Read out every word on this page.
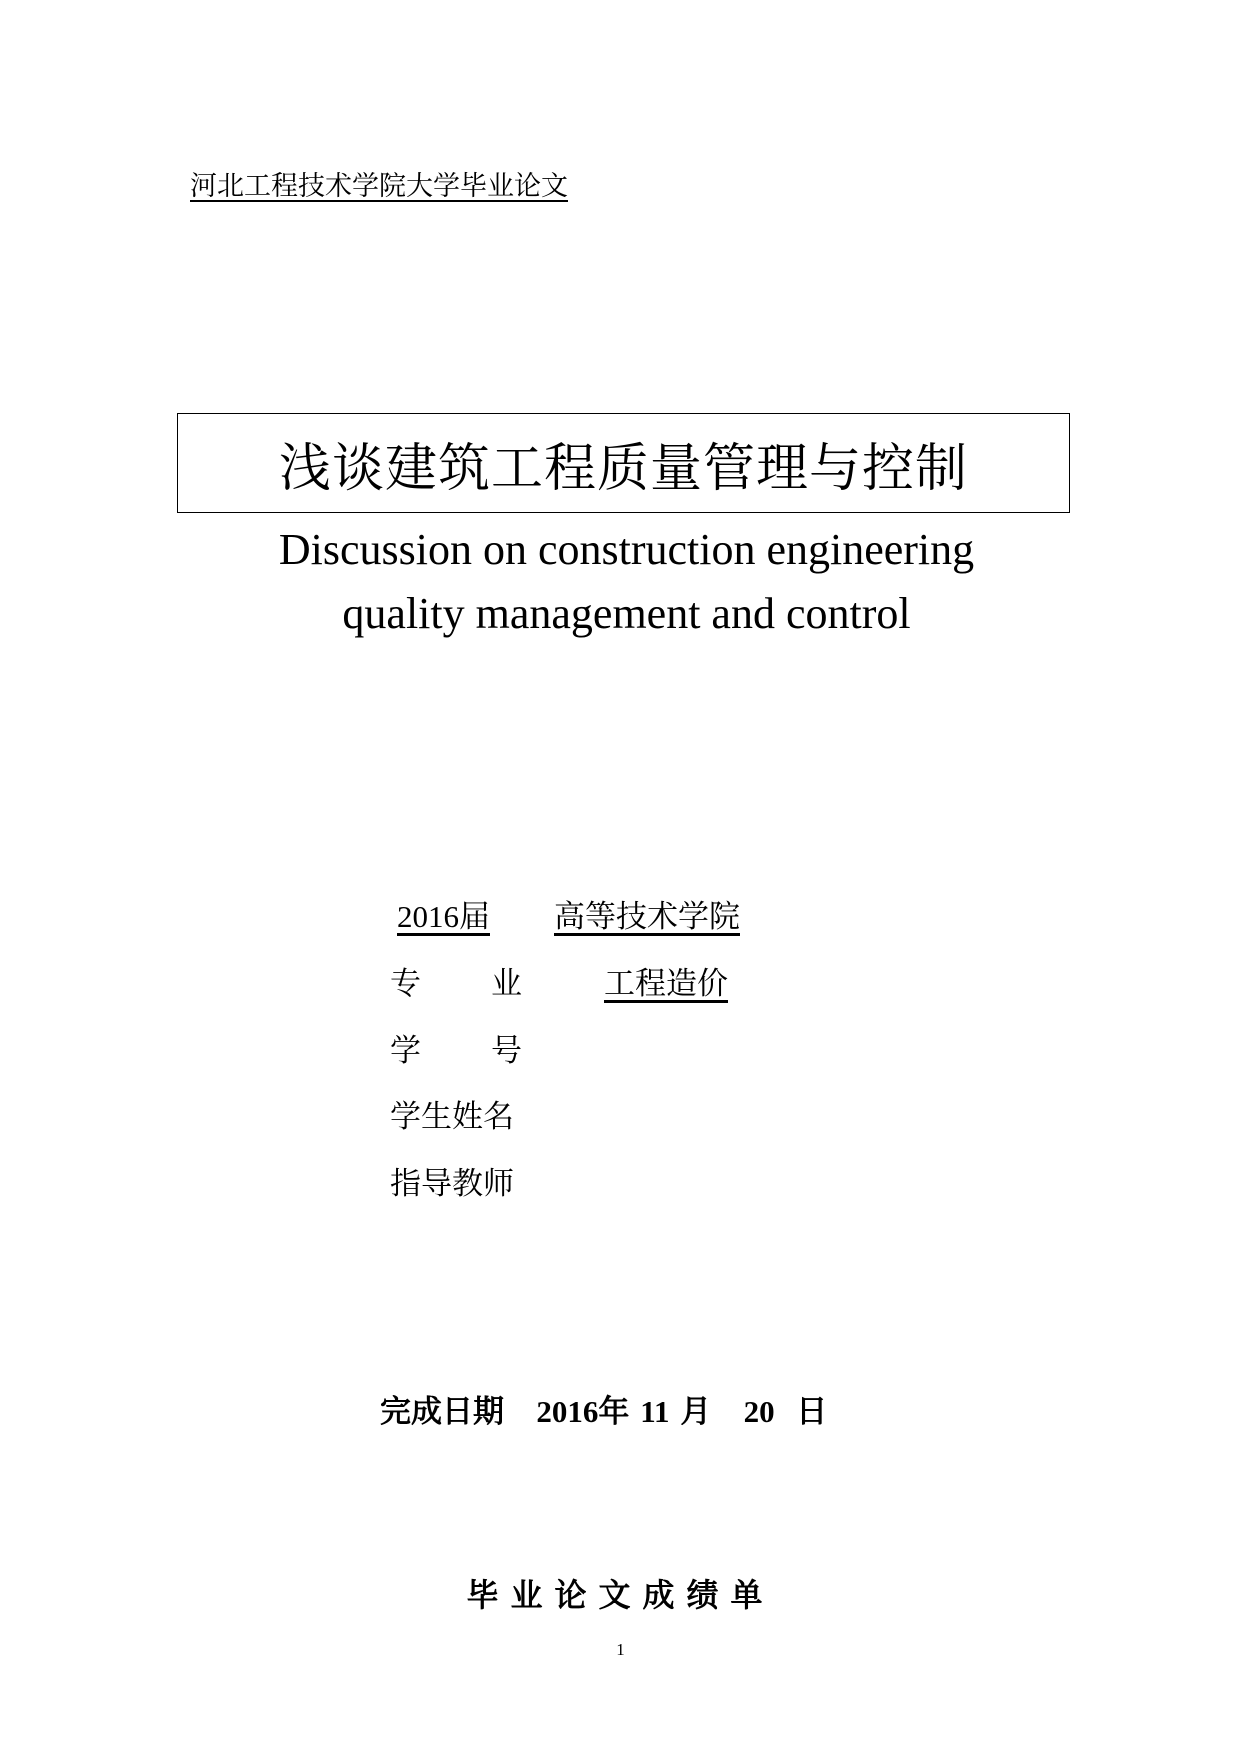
河北工程技术学院大学毕业论文
浅谈建筑工程质量管理与控制
Discussion on construction engineering
quality management and control
2016届 高等技术学院
专 业	工程造价
学 号
学生姓名
指导教师
完成日期 2016年 11 月 20 日
毕业论文成绩单
1
